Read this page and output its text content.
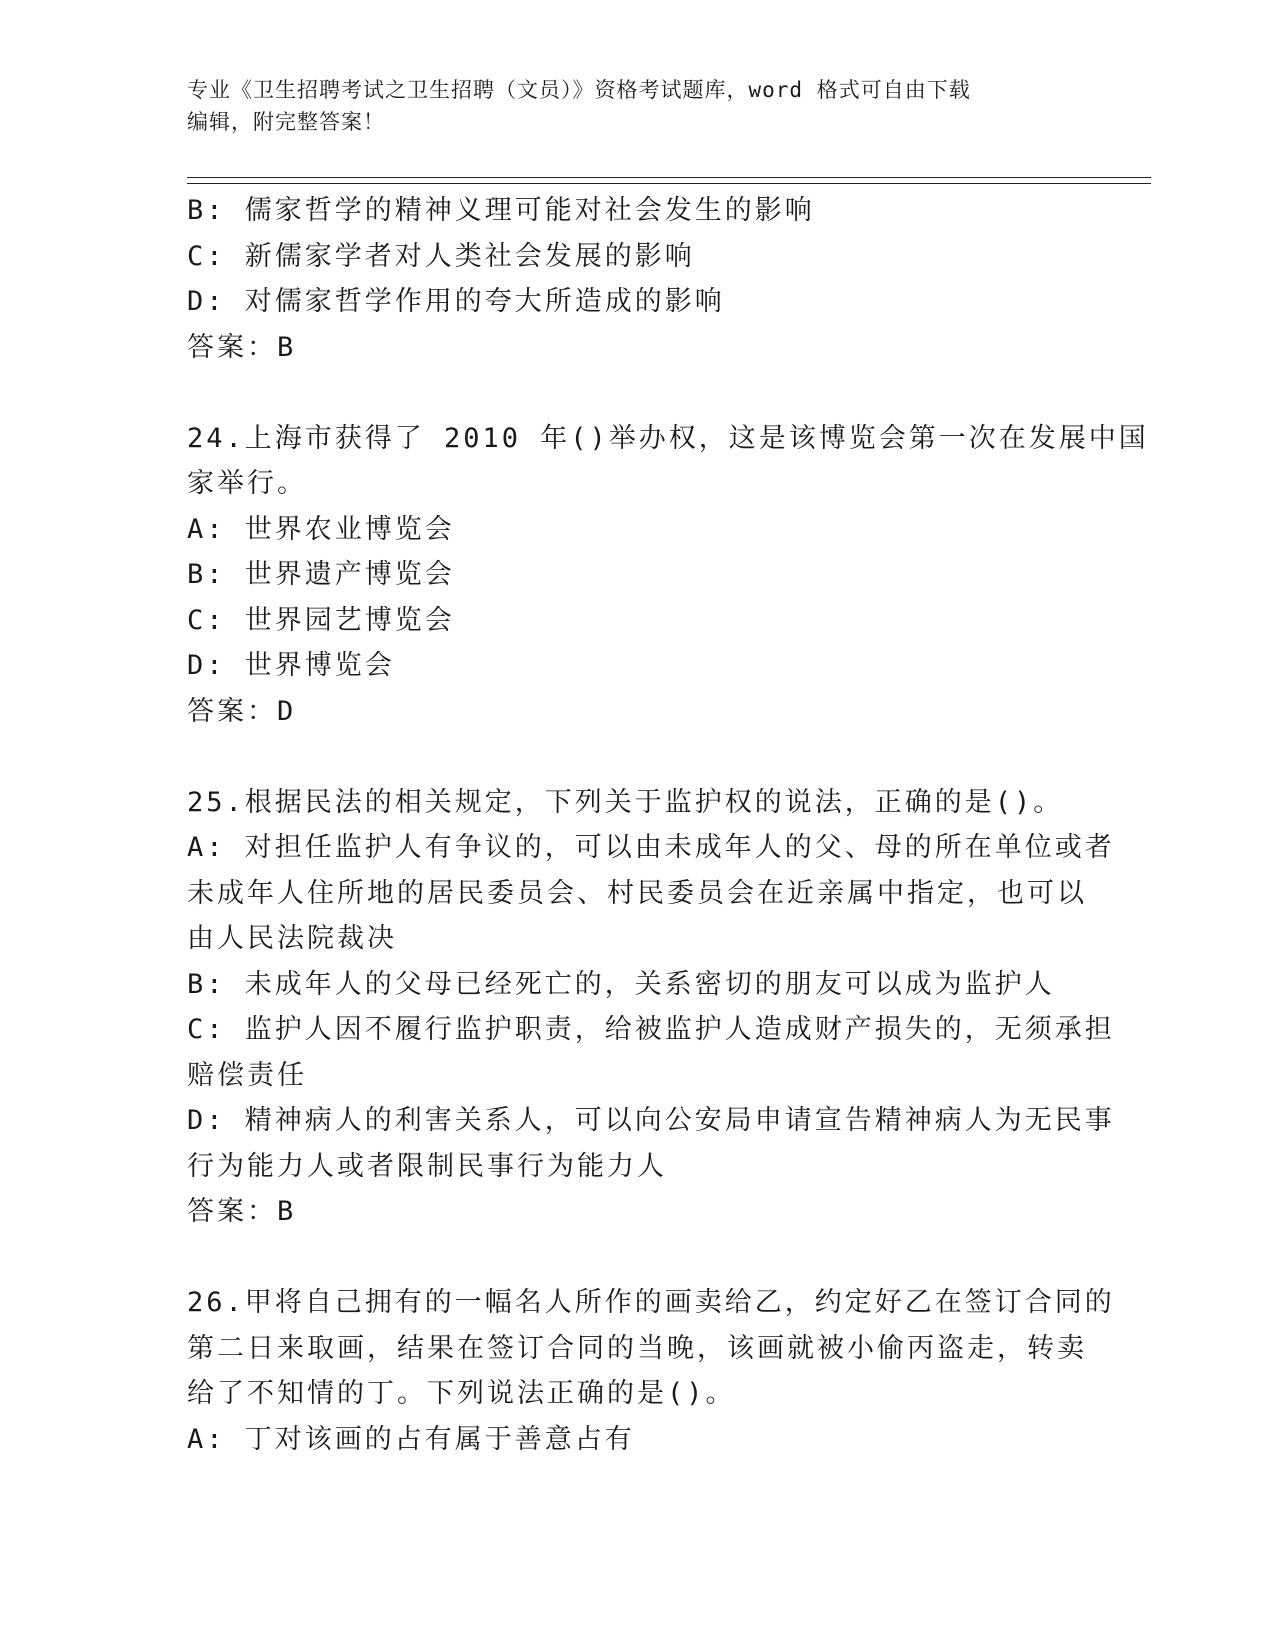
专业《卫生招聘考试之卫生招聘（文员）》资格考试题库，word 格式可自由下载
编辑，附完整答案！
B: 儒家哲学的精神义理可能对社会发生的影响
C: 新儒家学者对人类社会发展的影响
D: 对儒家哲学作用的夸大所造成的影响
答案：B
24.上海市获得了 2010 年()举办权，这是该博览会第一次在发展中国
家举行。
A: 世界农业博览会
B: 世界遗产博览会
C: 世界园艺博览会
D: 世界博览会
答案：D
25.根据民法的相关规定，下列关于监护权的说法，正确的是()。
A: 对担任监护人有争议的，可以由未成年人的父、母的所在单位或者
未成年人住所地的居民委员会、村民委员会在近亲属中指定，也可以
由人民法院裁决
B: 未成年人的父母已经死亡的，关系密切的朋友可以成为监护人
C: 监护人因不履行监护职责，给被监护人造成财产损失的，无须承担
赔偿责任
D: 精神病人的利害关系人，可以向公安局申请宣告精神病人为无民事
行为能力人或者限制民事行为能力人
答案：B
26.甲将自己拥有的一幅名人所作的画卖给乙，约定好乙在签订合同的
第二日来取画，结果在签订合同的当晚，该画就被小偷丙盗走，转卖
给了不知情的丁。下列说法正确的是()。
A: 丁对该画的占有属于善意占有
